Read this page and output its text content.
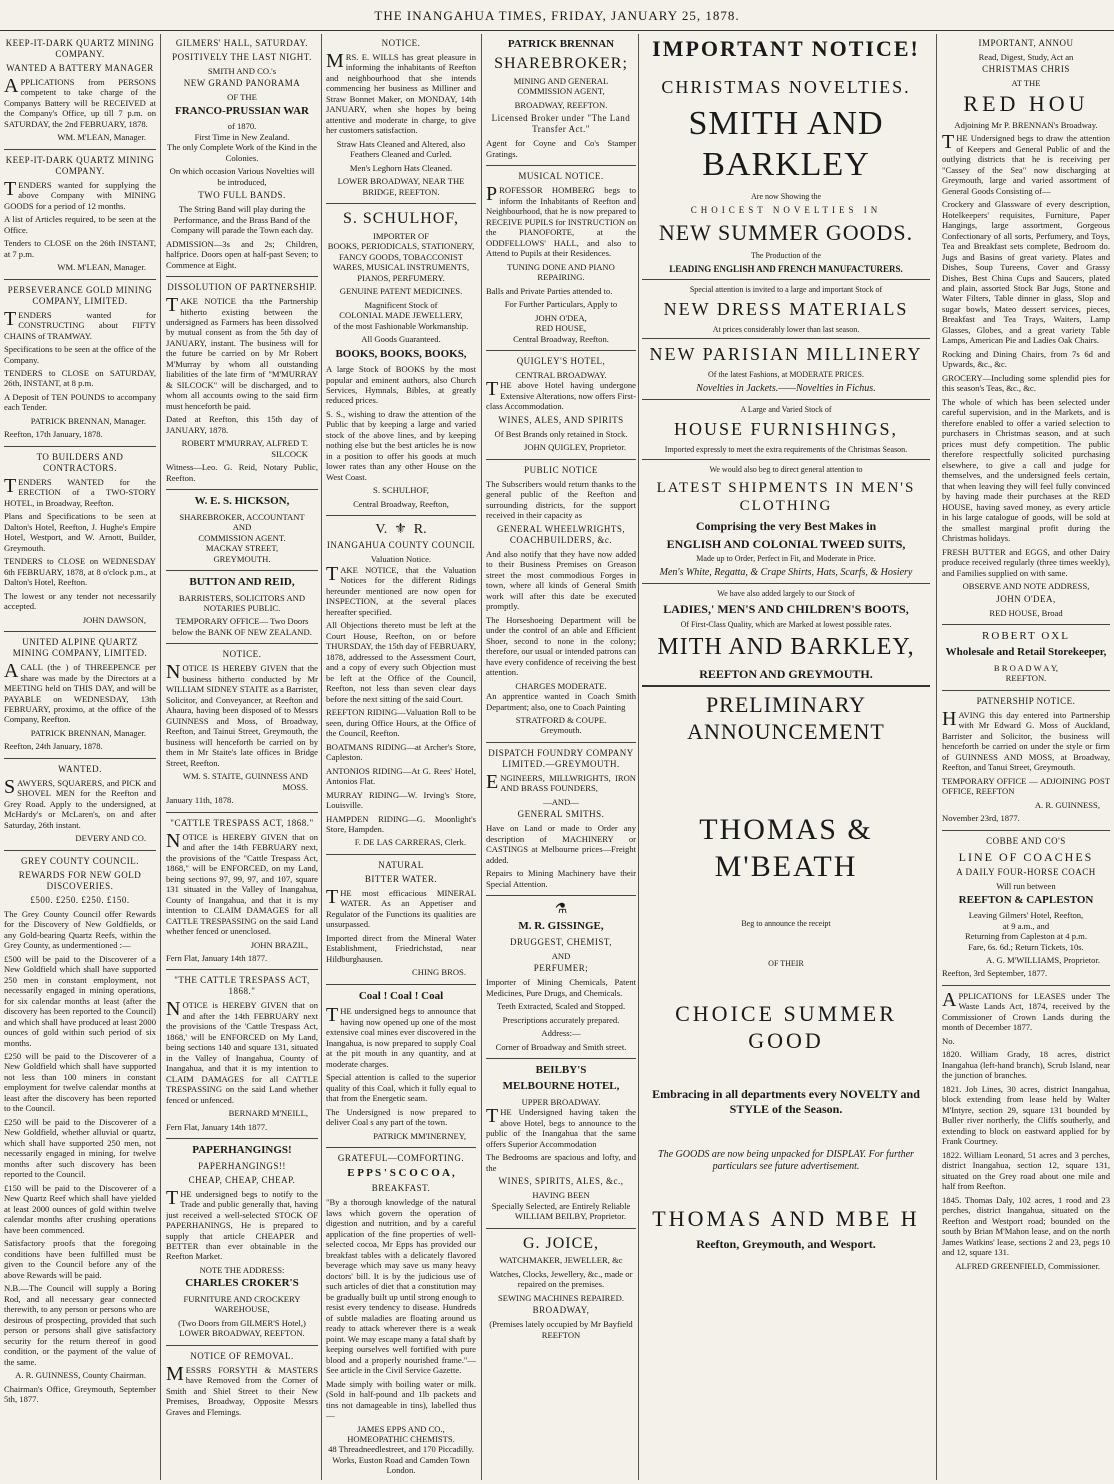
THE INANGAHUA TIMES, FRIDAY, JANUARY 25, 1878.
KEEP-IT-DARK QUARTZ MINING COMPANY.
WANTED A BATTERY MANAGER

APPLICATIONS from PERSONS competent to take charge of the Companys Battery will be RECEIVED at the Company's Office, up till 7 p.m. on SATURDAY, the 2nd FEBRUARY, 1878.

WM. M'LEAN, Manager.

KEEP-IT-DARK QUARTZ MINING COMPANY.

TENDERS wanted for supplying the above Company with MINING GOODS for a period of 12 months.

A list of Articles required, to be seen at the Office.

Tenders to CLOSE on the 26th INSTANT, at 7 p.m.

WM. M'LEAN, Manager.

PERSEVERANCE GOLD MINING COMPANY, LIMITED.

TENDERS wanted for CONSTRUCTING about FIFTY CHAINS of TRAMWAY.

Specifications to be seen at the office of the Company.

TENDERS to CLOSE on SATURDAY, 26th, INSTANT, at 8 p.m.

A Deposit of TEN POUNDS to accompany each Tender.

PATRICK BRENNAN, Manager.

Reefton, 17th January, 1878.

TO BUILDERS AND CONTRACTORS.

TENDERS WANTED for the ERECTION of a TWO-STORY HOTEL, in Broadway, Reefton.

Plans and Specifications to be seen at Dalton's Hotel, Reefton, J. Hughe's Empire Hotel, Westport, and W. Arnott, Builder, Greymouth.

TENDERS to CLOSE on WEDNESDAY 6th FEBRUARY, 1878, at 8 o'clock p.m., at Dalton's Hotel, Reefton.

The lowest or any tender not necessarily accepted.

JOHN DAWSON,

UNITED ALPINE QUARTZ MINING COMPANY, LIMITED.

ACALL (the ) of THREEPENCE per share was made by the Directors at a MEETING held on THIS DAY, and will be PAYABLE on WEDNESDAY, 13th FEBRUARY, proximo, at the office of the Company, Reefton.

PATRICK BRENNAN, Manager.

Reefton, 24th January, 1878.

WANTED.

SAWYERS, SQUARERS, and PICK and SHOVEL MEN for the Reefton and Grey Road. Apply to the undersigned, at McHardy's or McLaren's, on and after Saturday, 26th instant.

DEVERY AND CO.

GREY COUNTY COUNCIL.
REWARDS FOR NEW GOLD DISCOVERIES.
£500. £250. £250. £150.

The Grey County Council offer Rewards for the Discovery of New Goldfields, or any Gold-bearing Quartz Reefs, within the Grey County, as undermentioned :—

£500 will be paid to the Discoverer of a New Goldfield which shall have supported 250 men in constant employment, not necessarily engaged in mining operations, for six calendar months at least (after the discovery has been reported to the Council) and which shall have produced at least 2000 ounces of gold within such period of six months.

£250 will be paid to the Discoverer of a New Goldfield which shall have supported not less than 100 miners in constant employment for twelve calendar months at least after the discovery has been reported to the Council.

£250 will be paid to the Discoverer of a New Goldfield, whether alluvial or quartz, which shall have supported 250 men, not necessarily engaged in mining, for twelve months after such discovery has been reported to the Council.

£150 will be paid to the Discoverer of a New Quartz Reef which shall have yielded at least 2000 ounces of gold within twelve calendar months after crushing operations have been commenced.

Satisfactory proofs that the foregoing conditions have been fulfilled must be given to the Council before any of the above Rewards will be paid.

N.B.—The Council will supply a Boring Rod, and all necessary gear connected therewith, to any person or persons who are desirous of prospecting, provided that such person or persons shall give satisfactory security for the return thereof in good condition, or the payment of the value of the same.

A. R. GUINNESS, County Chairman.

Chairman's Office, Greymouth, September 5th, 1877.

GILMERS' HALL, SATURDAY.
POSITIVELY THE LAST NIGHT.
SMITH AND CO.'s
NEW GRAND PANORAMA
OF THE
FRANCO-PRUSSIAN WAR
of 1870.
First Time in New Zealand.

The only Complete Work of the Kind in the Colonies.

On which occasion Various Novelties will be introduced,

TWO FULL BANDS.

The String Band will play during the Performance, and the Brass Band of the Company will parade the Town each day.

ADMISSION—3s and 2s; Children, halfprice. Doors open at half-past Seven; to Commence at Eight.

DISSOLUTION OF PARTNERSHIP.

TAKE NOTICE tha tthe Partnership hitherto existing between the undersigned as Farmers has been dissolved by mutual consent as from the 5th day of JANUARY, instant. The business will for the future be carried on by Mr Robert M'Murray by whom all outstanding liabilities of the late firm of "M'MURRAY & SILCOCK" will be discharged, and to whom all accounts owing to the said firm must henceforth be paid.

Dated at Reefton, this 15th day of JANUARY, 1878.

ROBERT M'MURRAY, ALFRED T. SILCOCK

Witness—Leo. G. Reid, Notary Public, Reefton.

W. E. S. HICKSON,
SHAREBROKER, ACCOUNTANT
AND
COMMISSION AGENT.
MACKAY STREET,
GREYMOUTH.
BUTTON AND REID,

BARRISTERS, SOLICITORS AND NOTARIES PUBLIC.

TEMPORARY OFFICE— Two Doors below the BANK OF NEW ZEALAND.

NOTICE.

NOTICE IS HEREBY GIVEN that the business hitherto conducted by Mr WILLIAM SIDNEY STAITE as a Barrister, Solicitor, and Conveyancer, at Reefton and Ahaura, having been disposed of to Messrs GUINNESS and Moss, of Broadway, Reefton, and Tainui Street, Greymouth, the business will henceforth be carried on by them in Mr Staite's late offices in Bridge Street, Reefton.

WM. S. STAITE, GUINNESS AND MOSS.

January 11th, 1878.

"CATTLE TRESPASS ACT, 1868."

NOTICE is HEREBY GIVEN that on and after the 14th FEBRUARY next, the provisions of the "Cattle Trespass Act, 1868," will be ENFORCED, on my Land, being sections 97, 99, 97, and 107, square 131 situated in the Valley of Inangahua, County of Inangahua, and that it is my intention to CLAIM DAMAGES for all CATTLE TRESPASSING on the said Land whether fenced or unenclosed.

JOHN BRAZIL,

Fern Flat, January 14th 1877.

"THE CATTLE TRESPASS ACT, 1868."

NOTICE is HEREBY GIVEN that on and after the 14th FEBRUARY next the provisions of the 'Cattle Trespass Act, 1868,' will be ENFORCED on My Land, being sections 140 and square 131, situated in the Valley of Inangahua, County of Inangahua, and that it is my intention to CLAIM DAMAGES for all CATTLE TRESPASSING on the said Land whether fenced or unfenced.

BERNARD M'NEILL,

Fern Flat, January 14th 1877.

PAPERHANGINGS!
PAPERHANGINGS!!
CHEAP, CHEAP, CHEAP.

THE undersigned begs to notify to the Trade and public generally that, having just received a well-selected STOCK OF PAPERHANINGS, He is prepared to supply that article CHEAPER and BETTER than ever obtainable in the Reefton Market.

NOTE THE ADDRESS:
CHARLES CROKER'S

FURNITURE AND CROCKERY WAREHOUSE,

(Two Doors from GILMER'S Hotel,) LOWER BROADWAY, REEFTON.

NOTICE OF REMOVAL.

MESSRS FORSYTH & MASTERS have Removed from the Corner of Smith and Shiel Street to their New Premises, Broadway, Opposite Messrs Graves and Flemings.

NOTICE.

MRS. E. WILLS has great pleasure in informing the inhabitants of Reefton and neighbourhood that she intends commencing her business as Milliner and Straw Bonnet Maker, on MONDAY, 14th JANUARY, when she hopes by being attentive and moderate in charge, to give her customers satisfaction.

Straw Hats Cleaned and Altered, also Feathers Cleaned and Curled.

Men's Leghorn Hats Cleaned.

LOWER BROADWAY, NEAR THE BRIDGE, REEFTON.

S. SCHULHOF,
IMPORTER OF

BOOKS, PERIODICALS, STATIONERY, FANCY GOODS, TOBACCONIST WARES, MUSICAL INSTRUMENTS, PIANOS, PERFUMERY.

GENUINE PATENT MEDICINES.

Magnificent Stock of
COLONIAL MADE JEWELLERY,

of the most Fashionable Workmanship.

All Goods Guaranteed.

BOOKS, BOOKS, BOOKS,

A large Stock of BOOKS by the most popular and eminent authors, also Church Services, Hymnals, Bibles, at greatly reduced prices.

S. S., wishing to draw the attention of the Public that by keeping a large and varied stock of the above lines, and by keeping nothing else but the best articles he is now in a position to offer his goods at much lower rates than any other House on the West Coast.

S. SCHULHOF,

Central Broadway, Reefton,

V.  ⚜  R.
INANGAHUA COUNTY COUNCIL
Valuation Notice.

TAKE NOTICE, that the Valuation Notices for the different Ridings hereunder mentioned are now open for INSPECTION, at the several places hereafter specified.

All Objections thereto must be left at the Court House, Reefton, on or before THURSDAY, the 15th day of FEBRUARY, 1878, addressed to the Assessment Court, and a copy of every such Objection must be left at the Office of the Council, Reefton, not less than seven clear days before the next sitting of the said Court.

REEFTON RIDING—Valuation Roll to be seen, during Office Hours, at the Office of the Council, Reefton.

BOATMANS RIDING—at Archer's Store, Capleston.

ANTONIOS RIDING—At G. Rees' Hotel, Antonios Flat.

MURRAY RIDING—W. Irving's Store, Louisville.

HAMPDEN RIDING—G. Moonlight's Store, Hampden.

F. DE LAS CARRERAS, Clerk.

NATURAL
BITTER WATER.

THE most efficacious MINERAL WATER. As an Appetiser and Regulator of the Functions its qualities are unsurpassed.

Imported direct from the Mineral Water Establishment, Friedrichstad, near Hildburghausen.

CHING BROS.

Coal ! Coal ! Coal

THE undersigned begs to announce that having now opened up one of the most extensive coal mines ever discovered in the Inangahua, is now prepared to supply Coal at the pit mouth in any quantity, and at moderate charges.

Special attention is called to the superior quality of this Coal, which it fully equal to that from the Energetic seam.

The Undersigned is now prepared to deliver Coal s any part of the town.

PATRICK MM'INERNEY,

GRATEFUL—COMFORTING.
E P P S ' S C O C O A ,
BREAKFAST.

"By a thorough knowledge of the natural laws which govern the operation of digestion and nutrition, and by a careful application of the fine properties of well-selected cocoa, Mr Epps has provided our breakfast tables with a delicately flavored beverage which may save us many heavy doctors' bill. It is by the judicious use of such articles of diet that a constitution may be gradually built up until strong enough to resist every tendency to disease. Hundreds of subtle maladies are floating around us ready to attack wherever there is a weak point. We may escape many a fatal shaft by keeping ourselves well fortified with pure blood and a properly nourished frame."—See article in the Civil Service Gazette.

Made simply with boiling water or milk. (Sold in half-pound and 1lb packets and tins not damageable in tins), labelled thus—

JAMES EPPS AND CO.,
HOMEOPATHIC CHEMISTS.

48 Threadneedlestreet, and 170 Piccadilly. Works, Euston Road and Camden Town London.

PATRICK BRENNAN
SHAREBROKER;

MINING AND GENERAL COMMISSION AGENT,

BROADWAY, REEFTON.

Licensed Broker under "The Land Transfer Act."

Agent for Coyne and Co's Stamper Gratings.

MUSICAL NOTICE.

PROFESSOR HOMBERG begs to inform the Inhabitants of Reefton and Neighbourhood, that he is now prepared to RECEIVE PUPILS for INSTRUCTION on the PIANOFORTE, at the ODDFELLOWS' HALL, and also to Attend to Pupils at their Residences.

TUNING DONE AND PIANO REPAIRING.

Balls and Private Parties attended to.

For Further Particulars, Apply to

JOHN O'DEA,
RED HOUSE,
Central Broadway, Reefton.
QUIGLEY'S HOTEL,
CENTRAL BROADWAY.

THE above Hotel having undergone Extensive Alterations, now offers First-class Accommodation.

WINES, ALES, AND SPIRITS

Of Best Brands only retained in Stock.

JOHN QUIGLEY, Proprietor.

PUBLIC NOTICE

The Subscribers would return thanks to the general public of the Reefton and surrounding districts, for the support received in their capacity as

GENERAL WHEELWRIGHTS, COACHBUILDERS, &c.

And also notify that they have now added to their Business Premises on Greason street the most commodious Forges in town, where all kinds of General Smith work will after this date be executed promptly.

The Horseshoeing Department will be under the control of an able and Efficient Shoer, second to none in the colony; therefore, our usual or intended patrons can have every confidence of receiving the best attention.

CHARGES MODERATE.

An apprentice wanted in Coach Smith Department; also, one to Coach Painting

STRATFORD & COUPE.
Greymouth.
DISPATCH FOUNDRY COMPANY LIMITED.—GREYMOUTH.

ENGINEERS, MILLWRIGHTS, IRON AND BRASS FOUNDERS,

—AND—
GENERAL SMITHS.

Have on Land or made to Order any description of MACHINERY or CASTINGS at Melbourne prices—Freight added.

Repairs to Mining Machinery have their Special Attention.

⚗
M. R. GISSINGE,
DRUGGEST, CHEMIST,
AND
PERFUMER;

Importer of Mining Chemicals, Patent Medicines, Pure Drugs, and Chemicals.

Teeth Extracted, Scaled and Stopped.

Prescriptions accurately prepared.

Address:—

Corner of Broadway and Smith street.

BEILBY'S
MELBOURNE HOTEL,
UPPER BROADWAY.

THE Undersigned having taken the above Hotel, begs to announce to the public of the Inangahua that the same offers Superior Accommodation

The Bedrooms are spacious and lofty, and the

WINES, SPIRITS, ALES, &c.,
HAVING BEEN
Specially Selected, are Entirely Reliable

WILLIAM BEILBY, Proprietor.

G. JOICE,

WATCHMAKER, JEWELLER, &c

Watches, Clocks, Jewellery, &c., made or repaired on the premises.

SEWING MACHINES REPAIRED.
BROADWAY,
(Premises lately occupied by Mr Bayfield
REEFTON
IMPORTANT NOTICE!
CHRISTMAS NOVELTIES.
SMITH AND BARKLEY
Are now Showing the
CHOICEST NOVELTIES IN
NEW SUMMER GOODS.
The Production of the
LEADING ENGLISH AND FRENCH MANUFACTURERS.
Special attention is invited to a large and important Stock of
NEW DRESS MATERIALS
At prices considerably lower than last season.
NEW PARISIAN MILLINERY
Of the latest Fashions, at MODERATE PRICES.
Novelties in Jackets.——Novelties in Fichus.
A Large and Varied Stock of
HOUSE FURNISHINGS,
Imported expressly to meet the extra requirements of the Christmas Season.
We would also beg to direct general attention to
LATEST SHIPMENTS IN MEN'S CLOTHING
Comprising the very Best Makes in
ENGLISH AND COLONIAL TWEED SUITS,
Made up to Order, Perfect in Fit, and Moderate in Price.
Men's White, Regatta, & Crape Shirts, Hats, Scarfs, & Hosiery
We have also added largely to our Stock of
LADIES,' MEN'S AND CHILDREN'S BOOTS,
Of First-Class Quality, which are Marked at lowest possible rates.
MITH AND BARKLEY,
REEFTON AND GREYMOUTH.
PRELIMINARY ANNOUNCEMENT
THOMAS & M'BEATH
Beg to announce the receipt
OF THEIR
CHOICE SUMMER GOOD
Embracing in all departments every NOVELTY and STYLE of the Season.
The GOODS are now being unpacked for DISPLAY. For further particulars see future advertisement.
THOMAS AND MBE H
Reefton, Greymouth, and Wesport.
IMPORTANT, ANNOU
Read, Digest, Study, Act an
CHRISTMAS CHRIS
AT THE
RED HOU

Adjoining Mr P. BRENNAN's Broadway.

THE Undersigned begs to draw the attention of Keepers and General Public of and the outlying districts that he is receiving per "Cassey of the Sea" now discharging at Greymouth, large and varied assortment of General Goods Consisting of—

Crockery and Glassware of every description, Hotelkeepers' requisites, Furniture, Paper Hangings, large assortment, Gorgeous Confectionary of all sorts, Perfumery, and Toys, Tea and Breakfast sets complete, Bedroom do. Jugs and Basins of great variety. Plates and Dishes, Soup Tureens, Cover and Grassy Dishes, Best China Cups and Saucers, plated and plain, assorted Stock Bar Jugs, Stone and Water Filters, Table dinner in glass, Slop and sugar bowls, Mateo dessert services, pieces, Breakfast and Tea Trays, Waiters, Lamp Glasses, Globes, and a great variety Table Lamps, American Pie and Ladies Oak Chairs.

Rocking and Dining Chairs, from 7s 6d and Upwards, &c., &c.

GROCERY—Including some splendid pies for this season's Teas, &c., &c.

The whole of which has been selected under careful supervision, and in the Markets, and is therefore enabled to offer a varied selection to purchasers in Christmas season, and at such prices must defy competition. The public therefore respectfully solicited purchasing elsewhere, to give a call and judge for themselves, and the undersigned feels certain, that when leaving they will feel fully convinced by having made their purchases at the RED HOUSE, having saved money, as every article in his large catalogue of goods, will be sold at the smallest marginal profit during the Christmas holidays.

FRESH BUTTER and EGGS, and other Dairy produce received regularly (three times weekly), and Families supplied on with same.

OBSERVE AND NOTE ADDRESS,
JOHN O'DEA,
RED HOUSE, Broad
ROBERT OXL
Wholesale and Retail Storekeeper,
B R O A D W A Y,
REEFTON.
PATNERSHIP NOTICE.

HAVING this day entered into Partnership with Mr Edward G. Moss of Auckland, Barrister and Solicitor, the business will henceforth be carried on under the style or firm of GUINNESS AND MOSS, at Broadway, Reefton, and Tanui Street, Greymouth.

TEMPORARY OFFICE — ADJOINING POST OFFICE, REEFTON

A. R. GUINNESS,

November 23rd, 1877.

COBBE AND CO'S
LINE OF COACHES
A DAILY FOUR-HORSE COACH
Will run between
REEFTON & CAPLESTON
Leaving Gilmers' Hotel, Reefton,
at 9 a.m., and
Returning from Capleston at 4 p.m.

Fare, 6s. 6d.; Return Tickets, 10s.

A. G. M'WILLIAMS, Proprietor.

Reefton, 3rd September, 1877.

APPLICATIONS for LEASES under The Waste Lands Act, 1874, received by the Commissioner of Crown Lands during the month of December 1877.

No.

1820. William Grady, 18 acres, district Inangahua (left-hand branch), Scrub Island, near the junction of branches.

1821. Job Lines, 30 acres, district Inangahua, block extending from lease held by Walter M'Intyre, section 29, square 131 bounded by Buller river northerly, the Cliffs southerly, and extending to block on eastward applied for by Frank Courtney.

1822. William Leonard, 51 acres and 3 perches, district Inangahua, section 12, square 131, situated on the Grey road about one mile and half from Reefton.

1845. Thomas Daly, 102 acres, 1 rood and 23 perches, district Inangahua, situated on the Reefton and Westport road; bounded on the south by Brian M'Mahon lease, and on the north James Watkins' lease, sections 2 and 23, pegs 10 and 12, square 131.

ALFRED GREENFIELD, Commissioner.
